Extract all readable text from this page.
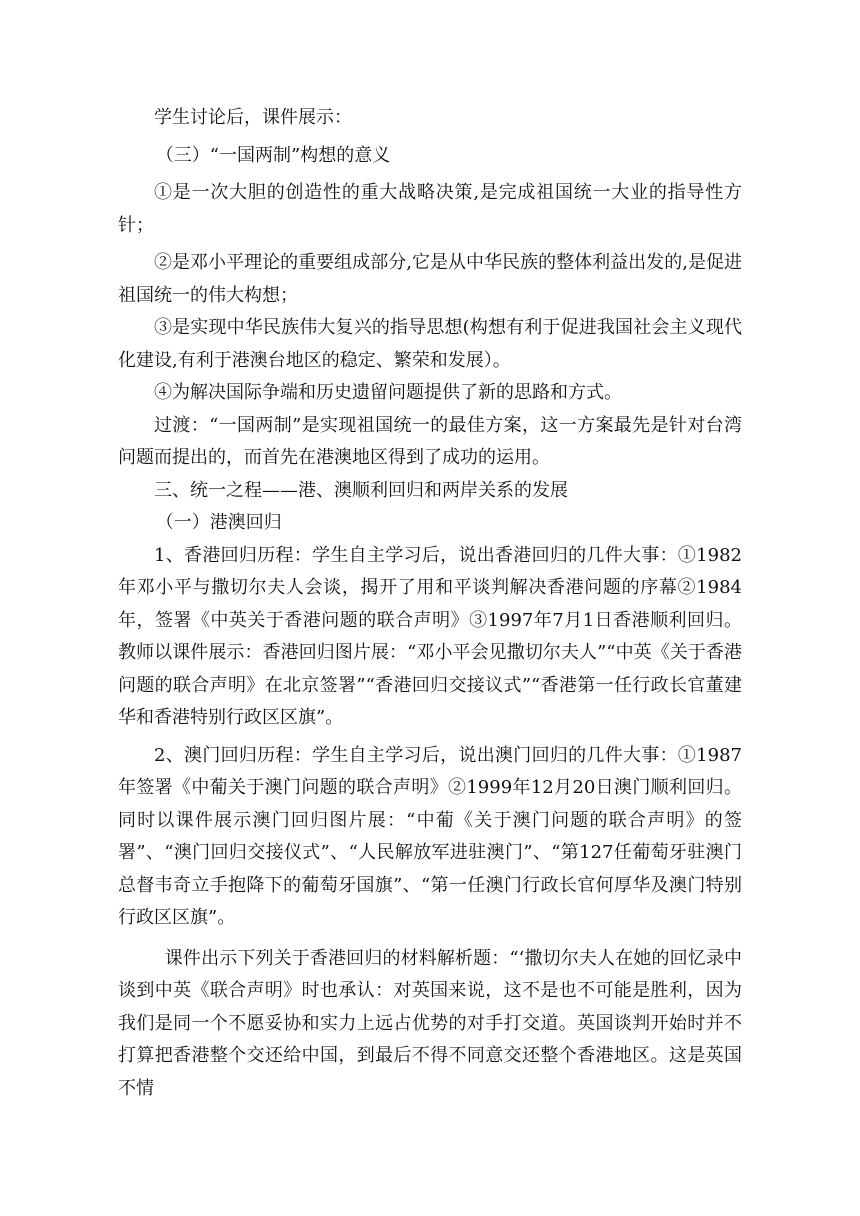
学生讨论后，课件展示：

（三）“一国两制”构想的意义

①是一次大胆的创造性的重大战略决策,是完成祖国统一大业的指导性方针；

②是邓小平理论的重要组成部分,它是从中华民族的整体利益出发的,是促进祖国统一的伟大构想；

③是实现中华民族伟大复兴的指导思想(构想有利于促进我国社会主义现代化建设,有利于港澳台地区的稳定、繁荣和发展）。

④为解决国际争端和历史遗留问题提供了新的思路和方式。

过渡：“一国两制”是实现祖国统一的最佳方案，这一方案最先是针对台湾问题而提出的，而首先在港澳地区得到了成功的运用。

三、统一之程——港、澳顺利回归和两岸关系的发展

（一）港澳回归

1、香港回归历程：学生自主学习后，说出香港回归的几件大事：①1982年邓小平与撒切尔夫人会谈，揭开了用和平谈判解决香港问题的序幕②1984年，签署《中英关于香港问题的联合声明》③1997年7月1日香港顺利回归。教师以课件展示：香港回归图片展：“邓小平会见撒切尔夫人”“中英《关于香港问题的联合声明》在北京签署”“香港回归交接议式”“香港第一任行政长官董建华和香港特别行政区区旗”。

2、澳门回归历程：学生自主学习后，说出澳门回归的几件大事：①1987年签署《中葡关于澳门问题的联合声明》②1999年12月20日澳门顺利回归。同时以课件展示澳门回归图片展：“中葡《关于澳门问题的联合声明》的签署”、“澳门回归交接仪式”、“人民解放军进驻澳门”、“第127任葡萄牙驻澳门总督韦奇立手抱降下的葡萄牙国旗”、“第一任澳门行政长官何厚华及澳门特别行政区区旗”。

课件出示下列关于香港回归的材料解析题：“‘撒切尔夫人在她的回忆录中谈到中英《联合声明》时也承认：对英国来说，这不是也不可能是胜利，因为我们是同一个不愿妥协和实力上远占优势的对手打交道。英国谈判开始时并不打算把香港整个交还给中国，到最后不得不同意交还整个香港地区。这是英国不情
